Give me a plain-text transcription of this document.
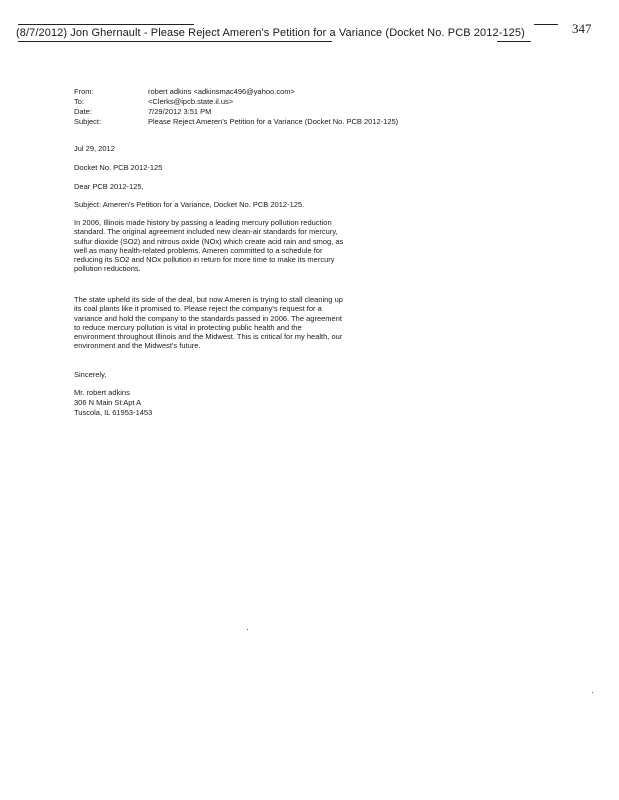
(8/7/2012) Jon Ghernault - Please Reject Ameren's Petition for a Variance (Docket No. PCB 2012-125)	347
From:	robert adkins <adkinsmac496@yahoo.com>
To:	<Clerks@ipcb.state.il.us>
Date:	7/29/2012 3:51 PM
Subject:	Please Reject Ameren's Petition for a Variance (Docket No. PCB 2012-125)
Jul 29, 2012
Docket No. PCB 2012-125
Dear PCB 2012-125,
Subject: Ameren's Petition for a Variance, Docket No. PCB 2012-125.
In 2006, Illinois made history by passing a leading mercury pollution reduction standard. The original agreement included new clean-air standards for mercury, sulfur dioxide (SO2) and nitrous oxide (NOx) which create acid rain and smog, as well as many health-related problems. Ameren committed to a schedule for reducing its SO2 and NOx pollution in return for more time to make its mercury pollution reductions.
The state upheld its side of the deal, but now Ameren is trying to stall cleaning up its coal plants like it promised to. Please reject the company's request for a variance and hold the company to the standards passed in 2006. The agreement to reduce mercury pollution is vital in protecting public health and the environment throughout Illinois and the Midwest. This is critical for my health, our environment and the Midwest's future.
Sincerely,
Mr. robert adkins
306 N Main St Apt A
Tuscola, IL 61953-1453
